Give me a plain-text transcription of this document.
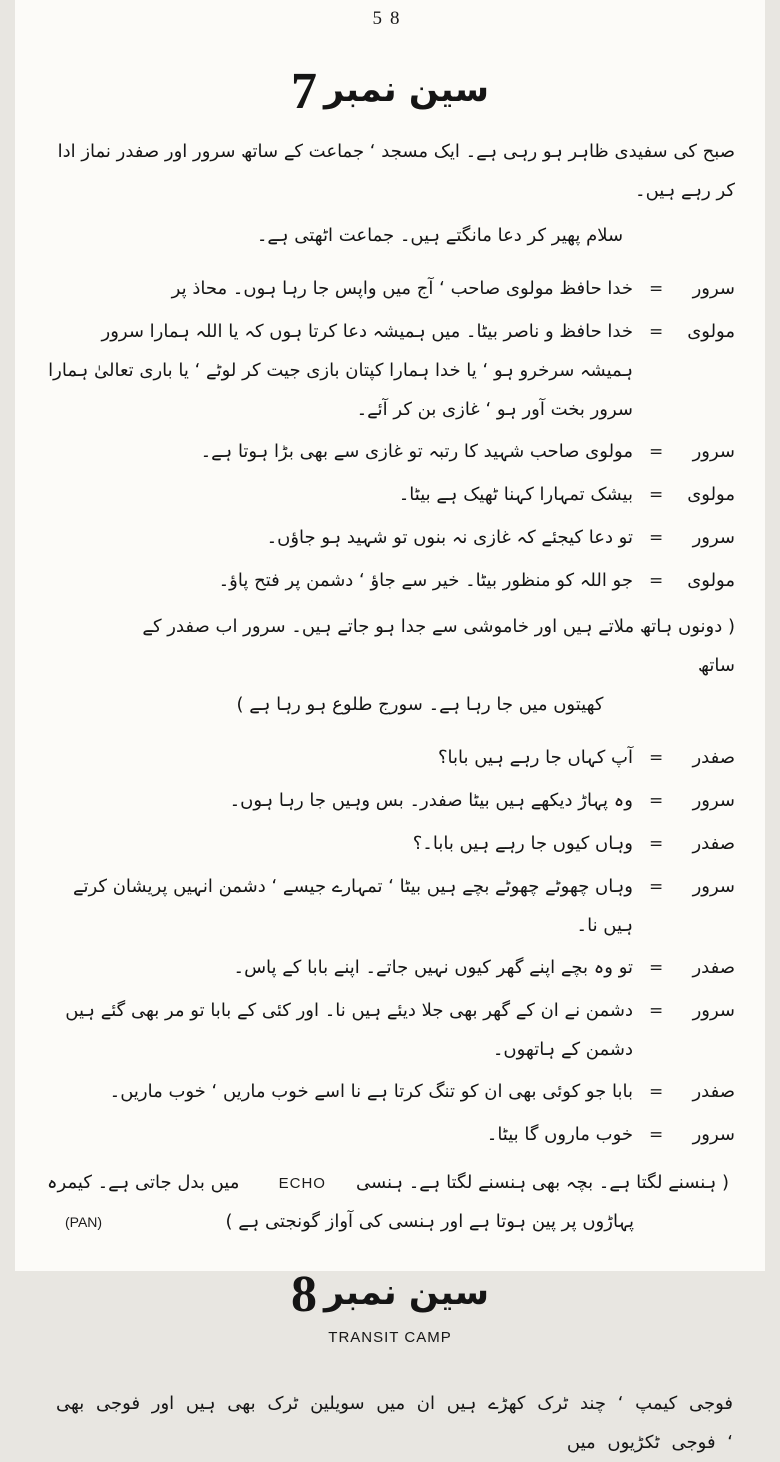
58
سین نمبر
7

صبح کی سفیدی ظاہر ہو رہی ہے۔ ایک مسجد ‘ جماعت کے ساتھ سرور اور صفدر نماز ادا کر رہے ہیں۔

سلام پھیر کر دعا مانگتے ہیں۔ جماعت اٹھتی ہے۔

سرور
=
خدا حافظ مولوی صاحب ‘ آج میں واپس جا رہا ہوں۔ محاذ پر
مولوی
=
خدا حافظ و ناصر بیٹا۔ میں ہمیشہ دعا کرتا ہوں کہ یا اللہ ہمارا سرور ہمیشہ سرخرو ہو ‘ یا خدا ہمارا کپتان بازی جیت کر لوٹے ‘ یا باری تعالیٰ ہمارا سرور بخت آور ہو ‘ غازی بن کر آئے۔
سرور
=
مولوی صاحب شہید کا رتبہ تو غازی سے بھی بڑا ہوتا ہے۔
مولوی
=
بیشک تمہارا کہنا ٹھیک ہے بیٹا۔
سرور
=
تو دعا کیجئے کہ غازی نہ بنوں تو شہید ہو جاؤں۔
مولوی
=
جو اللہ کو منظور بیٹا۔ خیر سے جاؤ ‘ دشمن پر فتح پاؤ۔

( دونوں ہاتھ ملاتے ہیں اور خاموشی سے جدا ہو جاتے ہیں۔ سرور اب صفدر کے ساتھ

کھیتوں میں جا رہا ہے۔ سورج طلوع ہو رہا ہے )

صفدر
=
آپ کہاں جا رہے ہیں بابا؟
سرور
=
وہ پہاڑ دیکھے ہیں بیٹا صفدر۔ بس وہیں جا رہا ہوں۔
صفدر
=
وہاں کیوں جا رہے ہیں بابا۔؟
سرور
=
وہاں چھوٹے چھوٹے بچے ہیں بیٹا ‘ تمہارے جیسے ‘ دشمن انہیں پریشان کرتے ہیں نا۔
صفدر
=
تو وہ بچے اپنے گھر کیوں نہیں جاتے۔ اپنے بابا کے پاس۔
سرور
=
دشمن نے ان کے گھر بھی جلا دیئے ہیں نا۔ اور کئی کے بابا تو مر بھی گئے ہیں دشمن کے ہاتھوں۔
صفدر
=
بابا جو کوئی بھی ان کو تنگ کرتا ہے نا اسے خوب ماریں ‘ خوب ماریں۔
سرور
=
خوب ماروں گا بیٹا۔
( ہنسنے لگتا ہے۔ بچہ بھی ہنسنے لگتا ہے۔ ہنسی
ECHO
میں بدل جاتی ہے۔ کیمرہ
پہاڑوں پر پین ہوتا ہے اور ہنسی کی آواز گونجتی ہے )
(PAN)
سین نمبر
8
TRANSIT CAMP

فوجی کیمپ ‘ چند ٹرک کھڑے ہیں ان میں سویلین ٹرک بھی ہیں اور فوجی بھی ‘ فوجی ٹکڑیوں میں
